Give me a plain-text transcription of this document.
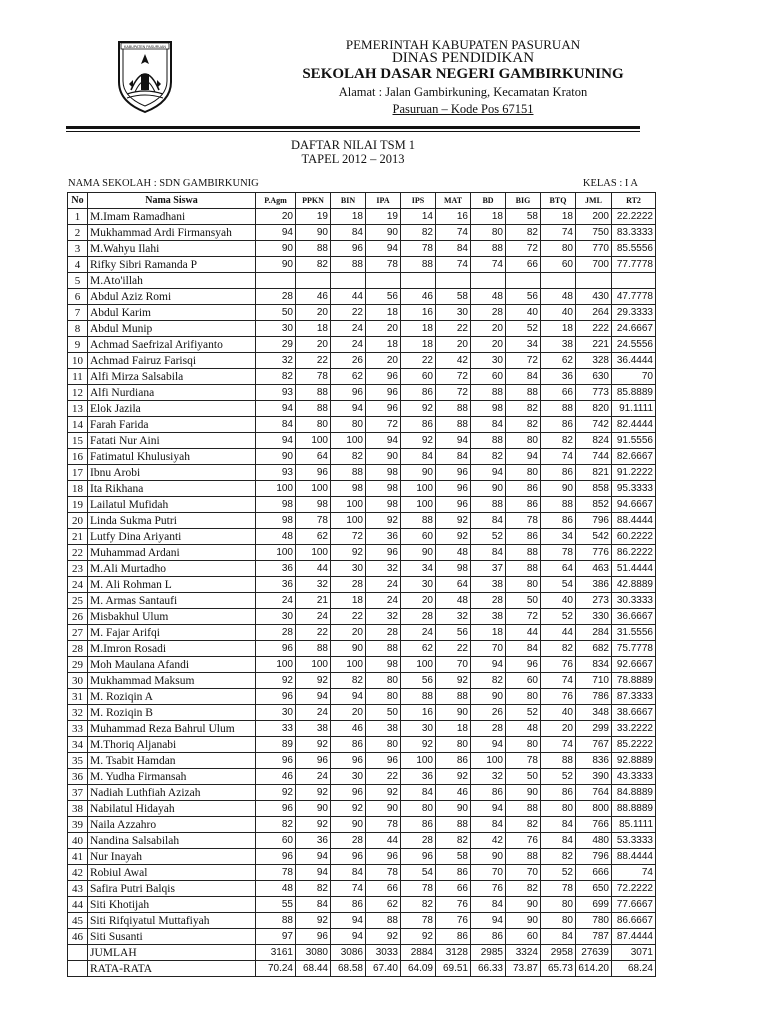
KABUPATEN PASURUAN	PEMERINTAH KABUPATEN PASURUAN
DINAS PENDIDIKAN
SEKOLAH DASAR NEGERI GAMBIRKUNING
Alamat : Jalan Gambirkuning, Kecamatan Kraton
Pasuruan – Kode Pos 67151
DAFTAR NILAI TSM 1
TAPEL 2012 – 2013
NAMA SEKOLAH : SDN GAMBIRKUNIG	KELAS : I A
No	Nama Siswa	P.Agm	PPKN	BIN	IPA	IPS	MAT	BD	BIG	BTQ	JML	RT2
1	M.Imam Ramadhani	20	19	18	19	14	16	18	58	18	200	22.2222
2	Mukhammad Ardi Firmansyah	94	90	84	90	82	74	80	82	74	750	83.3333
3	M.Wahyu Ilahi	90	88	96	94	78	84	88	72	80	770	85.5556
4	Rifky Sibri Ramanda P	90	82	88	78	88	74	74	66	60	700	77.7778
5	M.Ato'illah											
6	Abdul Aziz Romi	28	46	44	56	46	58	48	56	48	430	47.7778
7	Abdul Karim	50	20	22	18	16	30	28	40	40	264	29.3333
8	Abdul Munip	30	18	24	20	18	22	20	52	18	222	24.6667
9	Achmad Saefrizal Arifiyanto	29	20	24	18	18	20	20	34	38	221	24.5556
10	Achmad Fairuz Farisqi	32	22	26	20	22	42	30	72	62	328	36.4444
11	Alfi Mirza Salsabila	82	78	62	96	60	72	60	84	36	630	70
12	Alfi Nurdiana	93	88	96	96	86	72	88	88	66	773	85.8889
13	Elok Jazila	94	88	94	96	92	88	98	82	88	820	91.1111
14	Farah Farida	84	80	80	72	86	88	84	82	86	742	82.4444
15	Fatati Nur Aini	94	100	100	94	92	94	88	80	82	824	91.5556
16	Fatimatul Khulusiyah	90	64	82	90	84	84	82	94	74	744	82.6667
17	Ibnu Arobi	93	96	88	98	90	96	94	80	86	821	91.2222
18	Ita Rikhana	100	100	98	98	100	96	90	86	90	858	95.3333
19	Lailatul Mufidah	98	98	100	98	100	96	88	86	88	852	94.6667
20	Linda Sukma Putri	98	78	100	92	88	92	84	78	86	796	88.4444
21	Lutfy Dina Ariyanti	48	62	72	36	60	92	52	86	34	542	60.2222
22	Muhammad Ardani	100	100	92	96	90	48	84	88	78	776	86.2222
23	M.Ali Murtadho	36	44	30	32	34	98	37	88	64	463	51.4444
24	M. Ali Rohman L	36	32	28	24	30	64	38	80	54	386	42.8889
25	M. Armas Santaufi	24	21	18	24	20	48	28	50	40	273	30.3333
26	Misbakhul Ulum	30	24	22	32	28	32	38	72	52	330	36.6667
27	M. Fajar Arifqi	28	22	20	28	24	56	18	44	44	284	31.5556
28	M.Imron Rosadi	96	88	90	88	62	22	70	84	82	682	75.7778
29	Moh Maulana Afandi	100	100	100	98	100	70	94	96	76	834	92.6667
30	Mukhammad Maksum	92	92	82	80	56	92	82	60	74	710	78.8889
31	M. Roziqin A	96	94	94	80	88	88	90	80	76	786	87.3333
32	M. Roziqin B	30	24	20	50	16	90	26	52	40	348	38.6667
33	Muhammad Reza Bahrul Ulum	33	38	46	38	30	18	28	48	20	299	33.2222
34	M.Thoriq Aljanabi	89	92	86	80	92	80	94	80	74	767	85.2222
35	M. Tsabit Hamdan	96	96	96	96	100	86	100	78	88	836	92.8889
36	M. Yudha Firmansah	46	24	30	22	36	92	32	50	52	390	43.3333
37	Nadiah Luthfiah Azizah	92	92	96	92	84	46	86	90	86	764	84.8889
38	Nabilatul Hidayah	96	90	92	90	80	90	94	88	80	800	88.8889
39	Naila Azzahro	82	92	90	78	86	88	84	82	84	766	85.1111
40	Nandina Salsabilah	60	36	28	44	28	82	42	76	84	480	53.3333
41	Nur Inayah	96	94	96	96	96	58	90	88	82	796	88.4444
42	Robiul Awal	78	94	84	78	54	86	70	70	52	666	74
43	Safira Putri Balqis	48	82	74	66	78	66	76	82	78	650	72.2222
44	Siti Khotijah	55	84	86	62	82	76	84	90	80	699	77.6667
45	Siti Rifqiyatul Muttafiyah	88	92	94	88	78	76	94	90	80	780	86.6667
46	Siti Susanti	97	96	94	92	92	86	86	60	84	787	87.4444
	JUMLAH	3161	3080	3086	3033	2884	3128	2985	3324	2958	27639	3071
	RATA-RATA	70.24	68.44	68.58	67.40	64.09	69.51	66.33	73.87	65.73	614.20	68.24
